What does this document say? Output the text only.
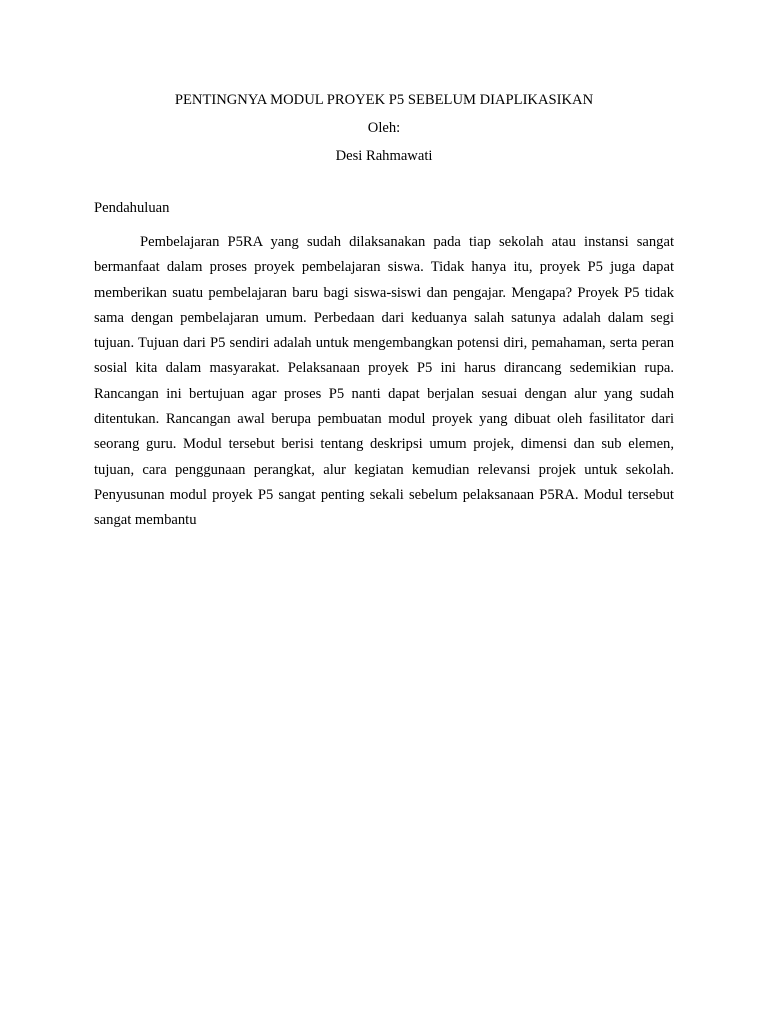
PENTINGNYA MODUL PROYEK P5 SEBELUM DIAPLIKASIKAN
Oleh:
Desi Rahmawati
Pendahuluan

Pembelajaran P5RA yang sudah dilaksanakan pada tiap sekolah atau instansi sangat bermanfaat dalam proses proyek pembelajaran siswa. Tidak hanya itu, proyek P5 juga dapat memberikan suatu pembelajaran baru bagi siswa-siswi dan pengajar. Mengapa? Proyek P5 tidak sama dengan pembelajaran umum. Perbedaan dari keduanya salah satunya adalah dalam segi tujuan. Tujuan dari P5 sendiri adalah untuk mengembangkan potensi diri, pemahaman, serta peran sosial kita dalam masyarakat. Pelaksanaan proyek P5 ini harus dirancang sedemikian rupa. Rancangan ini bertujuan agar proses P5 nanti dapat berjalan sesuai dengan alur yang sudah ditentukan. Rancangan awal berupa pembuatan modul proyek yang dibuat oleh fasilitator dari seorang guru. Modul tersebut berisi tentang deskripsi umum projek, dimensi dan sub elemen, tujuan, cara penggunaan perangkat, alur kegiatan kemudian relevansi projek untuk sekolah. Penyusunan modul proyek P5 sangat penting sekali sebelum pelaksanaan P5RA. Modul tersebut sangat membantu
